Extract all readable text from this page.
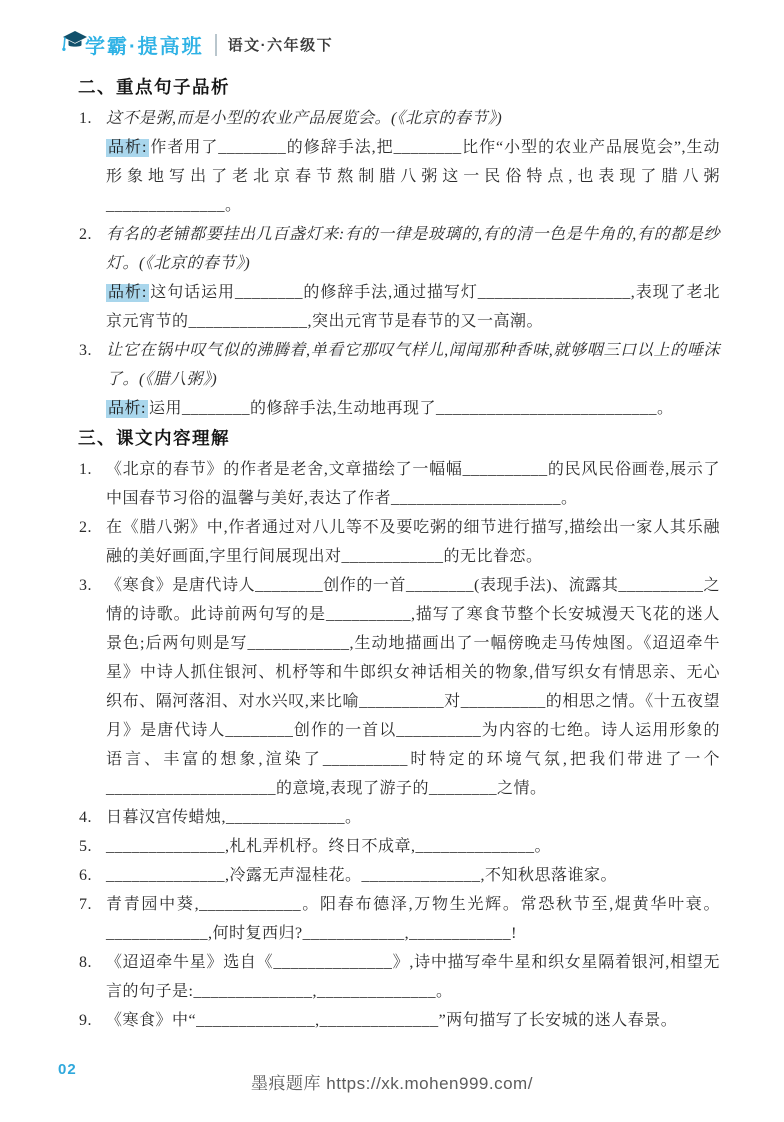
学霸·提高班 语文·六年级下
二、重点句子品析
1. 这不是粥,而是小型的农业产品展览会。(《北京的春节》)

品析: 作者用了________的修辞手法,把________比作“小型的农业产品展览会”,生动形象地写出了老北京春节熬制腊八粥这一民俗特点,也表现了腊八粥______________。

2. 有名的老铺都要挂出几百盏灯来:有的一律是玻璃的,有的清一色是牛角的,有的都是纱灯。(《北京的春节》)

品析: 这句话运用________的修辞手法,通过描写灯__________________,表现了老北京元宵节的______________,突出元宵节是春节的又一高潮。

3. 让它在锅中叹气似的沸腾着,单看它那叹气样儿,闻闻那种香味,就够咽三口以上的唾沫了。(《腊八粥》)

品析: 运用________的修辞手法,生动地再现了__________________________。

三、课文内容理解
1. 《北京的春节》的作者是老舍,文章描绘了一幅幅__________的民风民俗画卷,展示了中国春节习俗的温馨与美好,表达了作者____________________。

2. 在《腊八粥》中,作者通过对八儿等不及要吃粥的细节进行描写,描绘出一家人其乐融融的美好画面,字里行间展现出对____________的无比眷恋。

3. 《寒食》是唐代诗人________创作的一首________(表现手法)、流露其__________之情的诗歌。此诗前两句写的是__________,描写了寒食节整个长安城漫天飞花的迷人景色;后两句则是写____________,生动地描画出了一幅傍晚走马传烛图。《迢迢牵牛星》中诗人抓住银河、机杼等和牛郎织女神话相关的物象,借写织女有情思亲、无心织布、隔河落泪、对水兴叹,来比喻__________对__________的相思之情。《十五夜望月》是唐代诗人________创作的一首以__________为内容的七绝。诗人运用形象的语言、丰富的想象,渲染了__________时特定的环境气氛,把我们带进了一个____________________的意境,表现了游子的________之情。

4. 日暮汉宫传蜡烛,______________。

5. ______________,札札弄机杼。终日不成章,______________。

6. ______________,冷露无声湿桂花。______________,不知秋思落谁家。

7. 青青园中葵,____________。阳春布德泽,万物生光辉。常恐秋节至,焜黄华叶衰。____________,何时复西归?____________,____________!

8. 《迢迢牵牛星》选自《______________》,诗中描写牵牛星和织女星隔着银河,相望无言的句子是:______________,______________。

9. 《寒食》中“______________,______________”两句描写了长安城的迷人春景。

02
墨痕题库 https://xk.mohen999.com/
